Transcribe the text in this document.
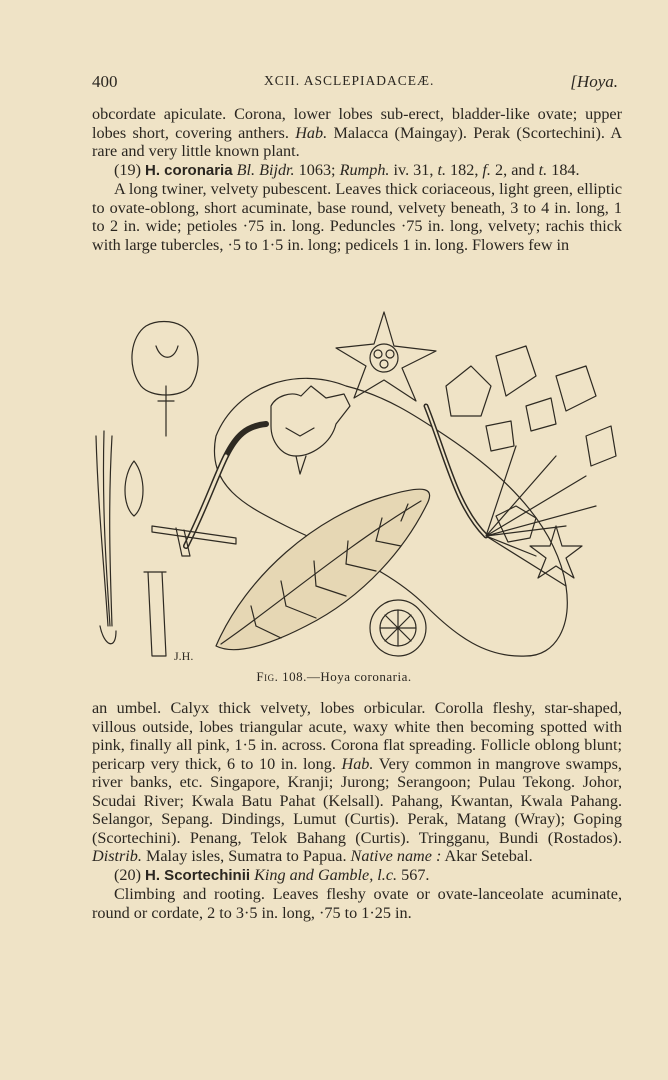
400	XCII. ASCLEPIADACEÆ.	[Hoya.

obcordate apiculate. Corona, lower lobes sub-erect, bladder-like ovate; upper lobes short, covering anthers. Hab. Malacca (Maingay). Perak (Scortechini). A rare and very little known plant.

(19) H. coronaria Bl. Bijdr. 1063; Rumph. iv. 31, t. 182, f. 2, and t. 184.

A long twiner, velvety pubescent. Leaves thick coriaceous, light green, elliptic to ovate-oblong, short acuminate, base round, velvety beneath, 3 to 4 in. long, 1 to 2 in. wide; petioles ·75 in. long. Peduncles ·75 in. long, velvety; rachis thick with large tubercles, ·5 to 1·5 in. long; pedicels 1 in. long. Flowers few in

J.H.
Fig. 108.—Hoya coronaria.

an umbel. Calyx thick velvety, lobes orbicular. Corolla fleshy, star-shaped, villous outside, lobes triangular acute, waxy white then becoming spotted with pink, finally all pink, 1·5 in. across. Corona flat spreading. Follicle oblong blunt; pericarp very thick, 6 to 10 in. long. Hab. Very common in mangrove swamps, river banks, etc. Singapore, Kranji; Jurong; Serangoon; Pulau Tekong. Johor, Scudai River; Kwala Batu Pahat (Kelsall). Pahang, Kwantan, Kwala Pahang. Selangor, Sepang. Dindings, Lumut (Curtis). Perak, Matang (Wray); Goping (Scortechini). Penang, Telok Bahang (Curtis). Tringganu, Bundi (Rostados). Distrib. Malay isles, Sumatra to Papua. Native name : Akar Setebal.

(20) H. Scortechinii King and Gamble, l.c. 567.

Climbing and rooting. Leaves fleshy ovate or ovate-lanceolate acuminate, round or cordate, 2 to 3·5 in. long, ·75 to 1·25 in.
